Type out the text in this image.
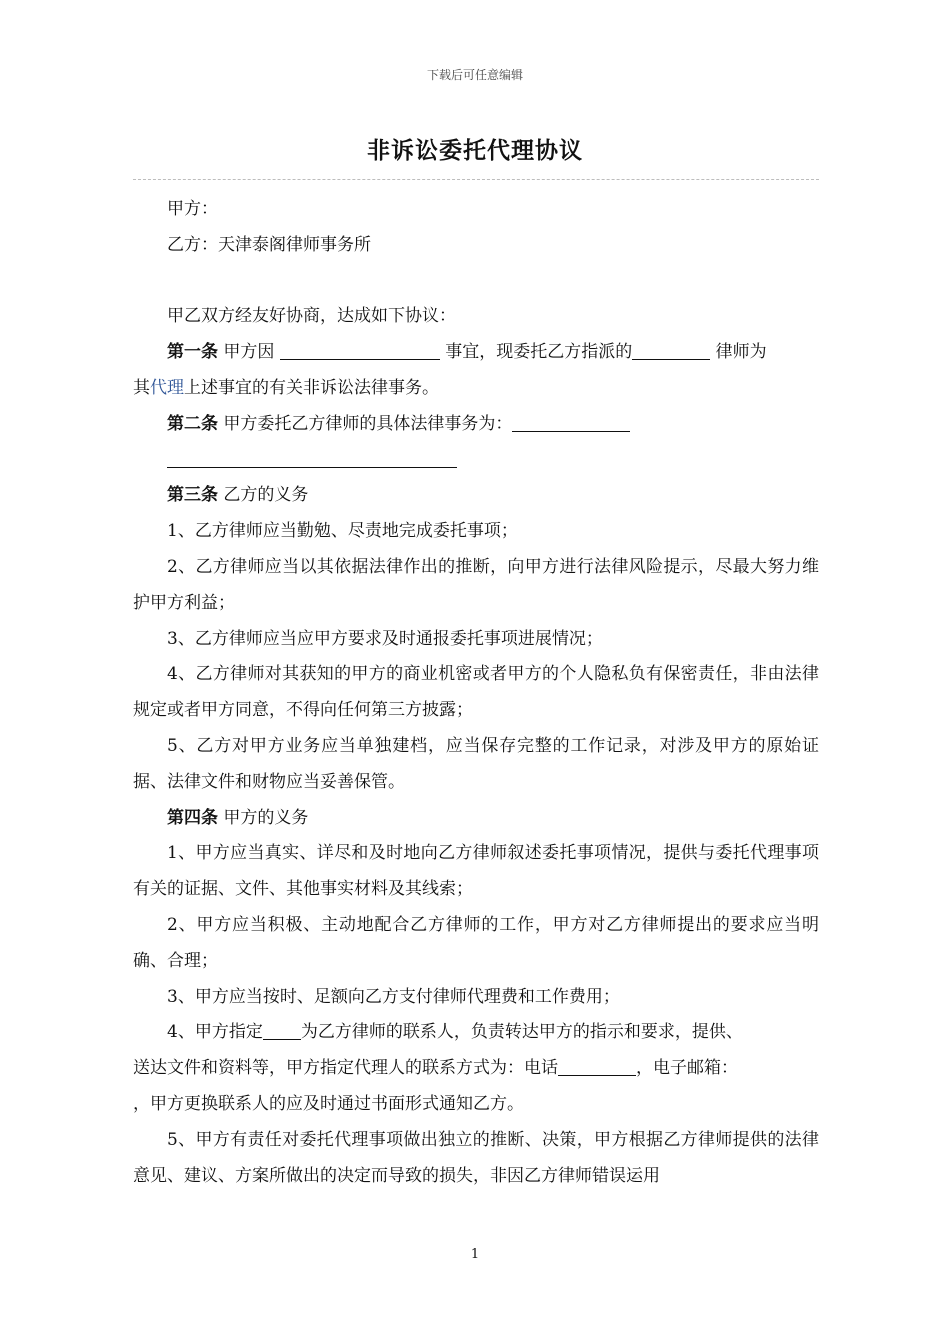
下载后可任意编辑
非诉讼委托代理协议

甲方：

乙方：天津泰阁律师事务所

甲乙双方经友好协商，达成如下协议：

第一条 甲方因	事宜，现委托乙方指派的	律师为

其代理上述事宜的有关非诉讼法律事务。

第二条 甲方委托乙方律师的具体法律事务为：

第三条 乙方的义务

1、乙方律师应当勤勉、尽责地完成委托事项；

2、乙方律师应当以其依据法律作出的推断，向甲方进行法律风险提示，尽最大努力维护甲方利益；

3、乙方律师应当应甲方要求及时通报委托事项进展情况；

4、乙方律师对其获知的甲方的商业机密或者甲方的个人隐私负有保密责任，非由法律规定或者甲方同意，不得向任何第三方披露；

5、乙方对甲方业务应当单独建档，应当保存完整的工作记录，对涉及甲方的原始证据、法律文件和财物应当妥善保管。

第四条 甲方的义务

1、甲方应当真实、详尽和及时地向乙方律师叙述委托事项情况，提供与委托代理事项有关的证据、文件、其他事实材料及其线索；

2、甲方应当积极、主动地配合乙方律师的工作，甲方对乙方律师提出的要求应当明确、合理；

3、甲方应当按时、足额向乙方支付律师代理费和工作费用；

4、甲方指定 为乙方律师的联系人，负责转达甲方的指示和要求，提供、

送达文件和资料等，甲方指定代理人的联系方式为：电话	，电子邮箱：

，甲方更换联系人的应及时通过书面形式通知乙方。

5、甲方有责任对委托代理事项做出独立的推断、决策，甲方根据乙方律师提供的法律意见、建议、方案所做出的决定而导致的损失，非因乙方律师错误运用

1
